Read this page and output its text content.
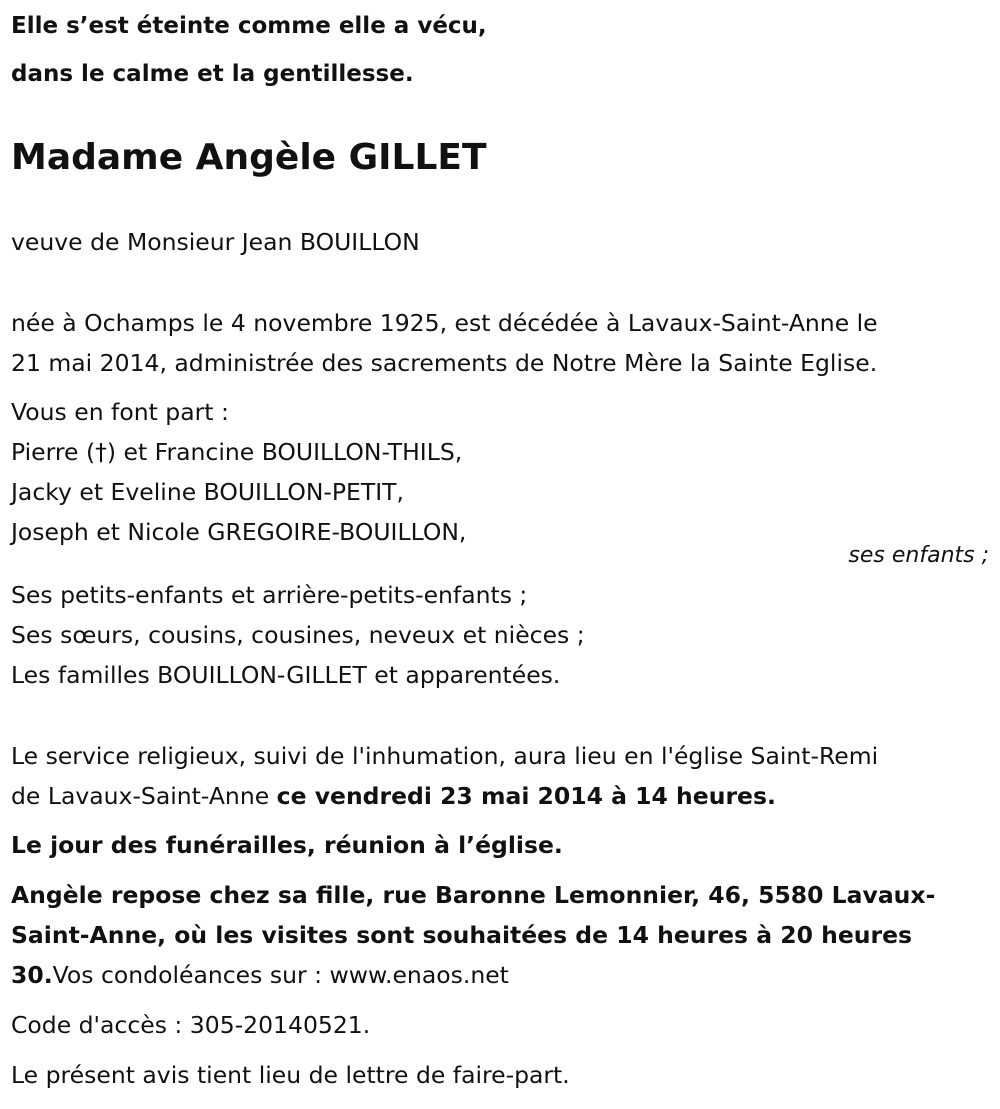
Elle s’est éteinte comme elle a vécu,
dans le calme et la gentillesse.
Madame Angèle GILLET
veuve de Monsieur Jean BOUILLON
née à Ochamps le 4 novembre 1925, est décédée à Lavaux-Saint-Anne le
21 mai 2014, administrée des sacrements de Notre Mère la Sainte Eglise.
Vous en font part :
Pierre (†) et Francine BOUILLON-THILS,
Jacky et Eveline BOUILLON-PETIT,
Joseph et Nicole GREGOIRE-BOUILLON,
ses enfants ;
Ses petits-enfants et arrière-petits-enfants ;
Ses sœurs, cousins, cousines, neveux et nièces ;
Les familles BOUILLON-GILLET et apparentées.
Le service religieux, suivi de l'inhumation, aura lieu en l'église Saint-Remi
de Lavaux-Saint-Anne ce vendredi 23 mai 2014 à 14 heures.
Le jour des funérailles, réunion à l’église.
Angèle repose chez sa fille, rue Baronne Lemonnier, 46, 5580 Lavaux-
Saint-Anne, où les visites sont souhaitées de 14 heures à 20 heures
30.Vos condoléances sur : www.enaos.net
Code d'accès : 305-20140521.
Le présent avis tient lieu de lettre de faire-part.
